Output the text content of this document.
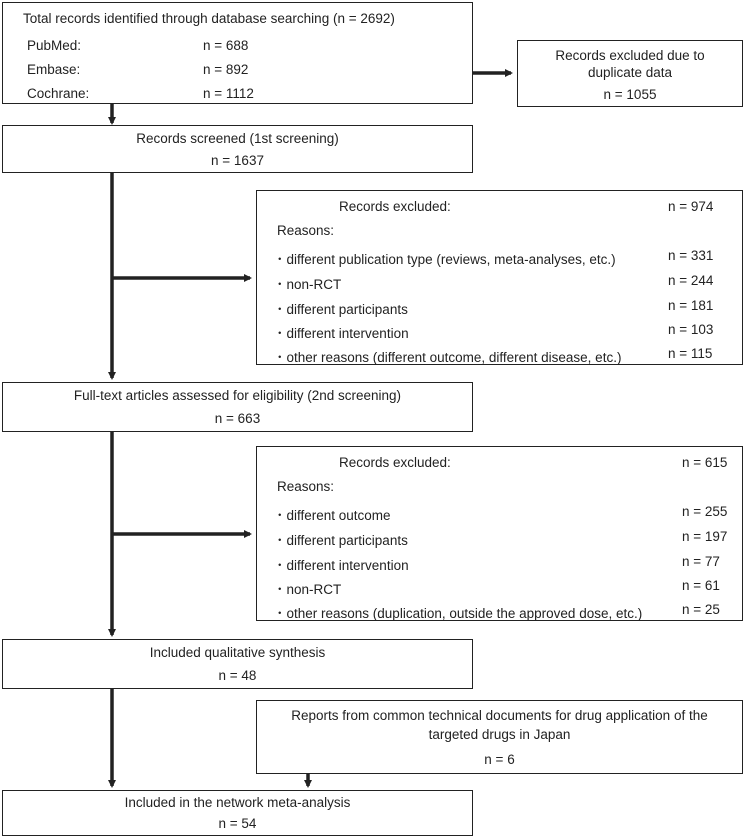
Total records identified through database searching (n = 2692)
PubMed:	n = 688
Embase:	n = 892
Cochrane:	n = 1112
Records excluded due to
duplicate data
n = 1055
Records screened (1st screening)
n = 1637
Records excluded:	n = 974
Reasons:
・different publication type (reviews, meta-analyses, etc.)	n = 331
・non-RCT	n = 244
・different participants	n = 181
・different intervention	n = 103
・other reasons (different outcome, different disease, etc.)	n = 115
Full-text articles assessed for eligibility (2nd screening)
n = 663
Records excluded:	n = 615
Reasons:
・different outcome	n = 255
・different participants	n = 197
・different intervention	n = 77
・non-RCT	n = 61
・other reasons (duplication, outside the approved dose, etc.)	n = 25
Included qualitative synthesis
n = 48
Reports from common technical documents for drug application of the
targeted drugs in Japan
n = 6
Included in the network meta-analysis
n = 54
